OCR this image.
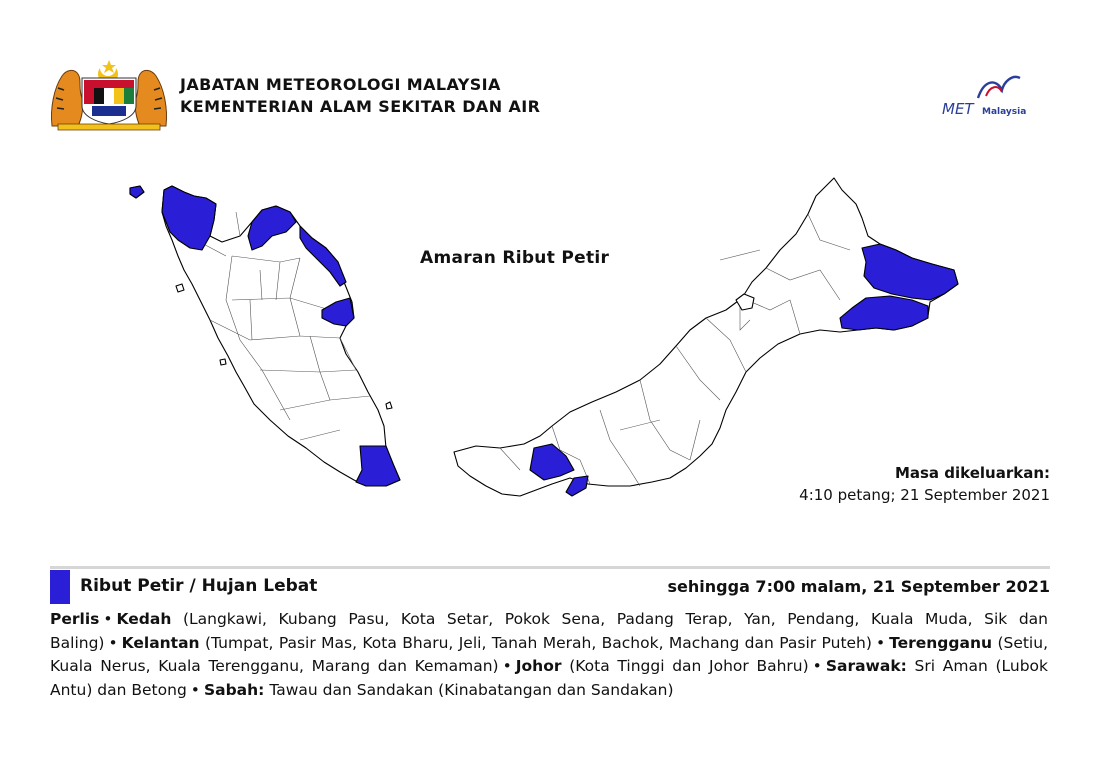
JABATAN METEOROLOGI MALAYSIA
KEMENTERIAN ALAM SEKITAR DAN AIR	MET Malaysia
Amaran Ribut Petir
Masa dikeluarkan:
4:10 petang; 21 September 2021
Ribut Petir / Hujan Lebat	sehingga 7:00 malam, 21 September 2021
Perlis • Kedah (Langkawi, Kubang Pasu, Kota Setar, Pokok Sena, Padang Terap, Yan, Pendang, Kuala Muda, Sik dan Baling) • Kelantan (Tumpat, Pasir Mas, Kota Bharu, Jeli, Tanah Merah, Bachok, Machang dan Pasir Puteh) • Terengganu (Setiu, Kuala Nerus, Kuala Terengganu, Marang dan Kemaman) • Johor (Kota Tinggi dan Johor Bahru) • Sarawak: Sri Aman (Lubok Antu) dan Betong • Sabah: Tawau dan Sandakan (Kinabatangan dan Sandakan)
